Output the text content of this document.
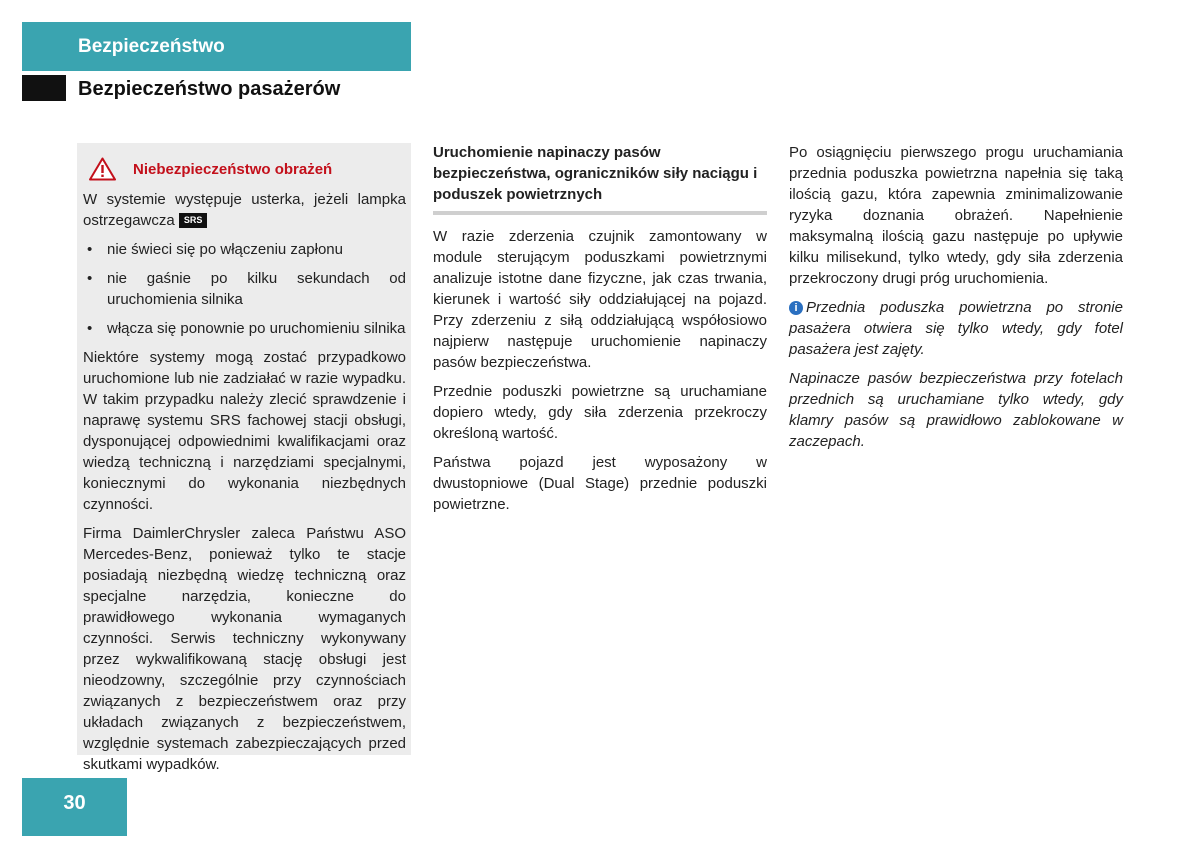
Bezpieczeństwo
Bezpieczeństwo pasażerów
Niebezpieczeństwo obrażeń

W systemie występuje usterka, jeżeli lampka ostrzegawcza SRS

• nie świeci się po włączeniu zapłonu
• nie gaśnie po kilku sekundach od uruchomienia silnika
• włącza się ponownie po uruchomieniu silnika

Niektóre systemy mogą zostać przypadkowo uruchomione lub nie zadziałać w razie wypadku. W takim przypadku należy zlecić sprawdzenie i naprawę systemu SRS fachowej stacji obsługi, dysponującej odpowiednimi kwalifikacjami oraz wiedzą techniczną i narzędziami specjalnymi, koniecznymi do wykonania niezbędnych czynności.

Firma DaimlerChrysler zaleca Państwu ASO Mercedes-Benz, ponieważ tylko te stacje posiadają niezbędną wiedzę techniczną oraz specjalne narzędzia, konieczne do prawidłowego wykonania wymaganych czynności. Serwis techniczny wykonywany przez wykwalifikowaną stację obsługi jest nieodzowny, szczególnie przy czynnościach związanych z bezpieczeństwem oraz przy układach związanych z bezpieczeństwem, względnie systemach zabezpieczających przed skutkami wypadków.

Uruchomienie napinaczy pasów bezpieczeństwa, ograniczników siły naciągu i poduszek powietrznych

W razie zderzenia czujnik zamontowany w module sterującym poduszkami powietrznymi analizuje istotne dane fizyczne, jak czas trwania, kierunek i wartość siły oddziałującej na pojazd. Przy zderzeniu z siłą oddziałującą współosiowo najpierw następuje uruchomienie napinaczy pasów bezpieczeństwa.

Przednie poduszki powietrzne są uruchamiane dopiero wtedy, gdy siła zderzenia przekroczy określoną wartość.

Państwa pojazd jest wyposażony w dwustopniowe (Dual Stage) przednie poduszki powietrzne.

Po osiągnięciu pierwszego progu uruchamiania przednia poduszka powietrzna napełnia się taką ilością gazu, która zapewnia zminimalizowanie ryzyka doznania obrażeń. Napełnienie maksymalną ilością gazu następuje po upływie kilku milisekund, tylko wtedy, gdy siła zderzenia przekroczony drugi próg uruchomienia.

i Przednia poduszka powietrzna po stronie pasażera otwiera się tylko wtedy, gdy fotel pasażera jest zajęty.

Napinacze pasów bezpieczeństwa przy fotelach przednich są uruchamiane tylko wtedy, gdy klamry pasów są prawidłowo zablokowane w zaczepach.

30
